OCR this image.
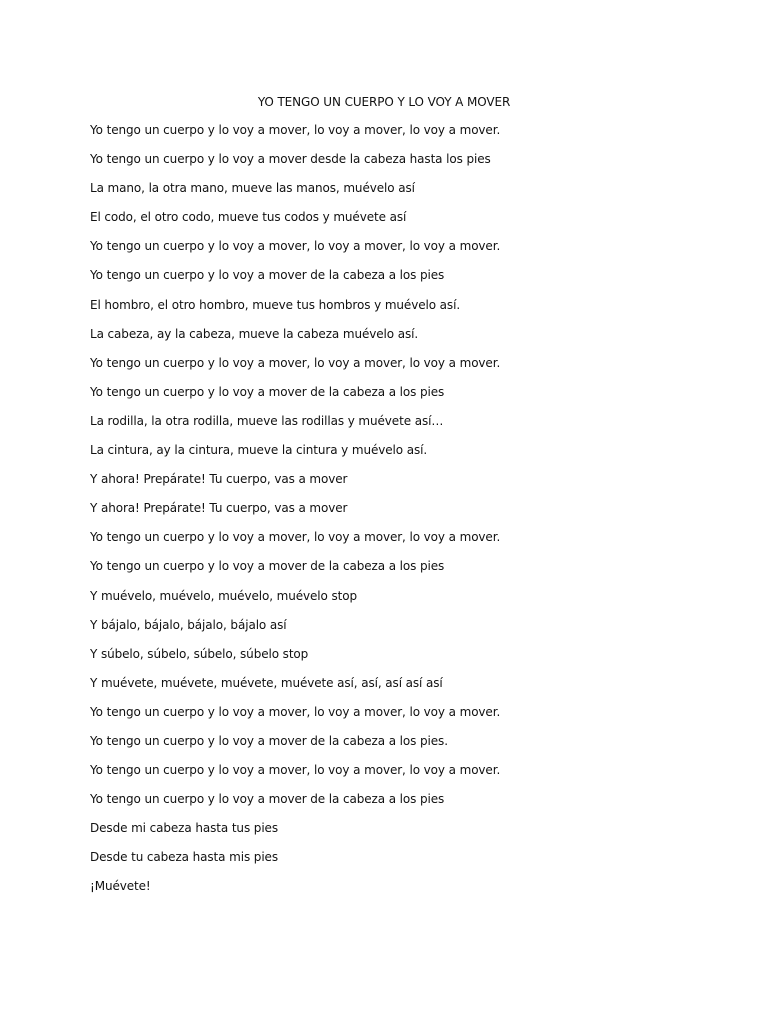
YO TENGO UN CUERPO Y LO VOY A MOVER
Yo tengo un cuerpo y lo voy a mover, lo voy a mover, lo voy a mover.
Yo tengo un cuerpo y lo voy a mover desde la cabeza hasta los pies
La mano, la otra mano, mueve las manos, muévelo así
El codo, el otro codo, mueve tus codos y muévete así
Yo tengo un cuerpo y lo voy a mover, lo voy a mover, lo voy a mover.
Yo tengo un cuerpo y lo voy a mover de la cabeza a los pies
El hombro, el otro hombro, mueve tus hombros y muévelo así.
La cabeza, ay la cabeza, mueve la cabeza muévelo así.
Yo tengo un cuerpo y lo voy a mover, lo voy a mover, lo voy a mover.
Yo tengo un cuerpo y lo voy a mover de la cabeza a los pies
La rodilla, la otra rodilla, mueve las rodillas y muévete así…
La cintura, ay la cintura, mueve la cintura y muévelo así.
Y ahora! Prepárate! Tu cuerpo, vas a mover
Y ahora! Prepárate! Tu cuerpo, vas a mover
Yo tengo un cuerpo y lo voy a mover, lo voy a mover, lo voy a mover.
Yo tengo un cuerpo y lo voy a mover de la cabeza a los pies
Y muévelo, muévelo, muévelo, muévelo stop
Y bájalo, bájalo, bájalo, bájalo así
Y súbelo, súbelo, súbelo, súbelo stop
Y muévete, muévete, muévete, muévete así, así, así así así
Yo tengo un cuerpo y lo voy a mover, lo voy a mover, lo voy a mover.
Yo tengo un cuerpo y lo voy a mover de la cabeza a los pies.
Yo tengo un cuerpo y lo voy a mover, lo voy a mover, lo voy a mover.
Yo tengo un cuerpo y lo voy a mover de la cabeza a los pies
Desde mi cabeza hasta tus pies
Desde tu cabeza hasta mis pies
¡Muévete!
